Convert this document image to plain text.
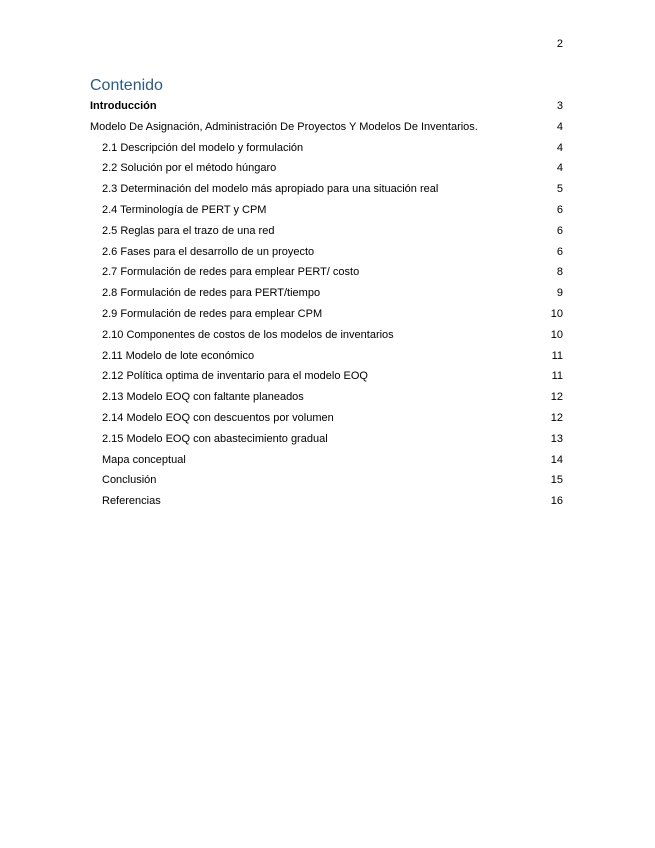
2
Contenido
Introducción	3
Modelo De Asignación, Administración De Proyectos Y Modelos De Inventarios.	4
2.1 Descripción del modelo y formulación	4
2.2 Solución por el método húngaro	4
2.3 Determinación del modelo más apropiado para una situación real	5
2.4 Terminología de PERT y CPM	6
2.5 Reglas para el trazo de una red	6
2.6 Fases para el desarrollo de un proyecto	6
2.7 Formulación de redes para emplear PERT/ costo	8
2.8 Formulación de redes para PERT/tiempo	9
2.9 Formulación de redes para emplear CPM	10
2.10 Componentes de costos de los modelos de inventarios	10
2.11 Modelo de lote económico	11
2.12 Política optima de inventario para el modelo EOQ	11
2.13 Modelo EOQ con faltante planeados	12
2.14 Modelo EOQ con descuentos por volumen	12
2.15 Modelo EOQ con abastecimiento gradual	13
Mapa conceptual	14
Conclusión	15
Referencias	16
